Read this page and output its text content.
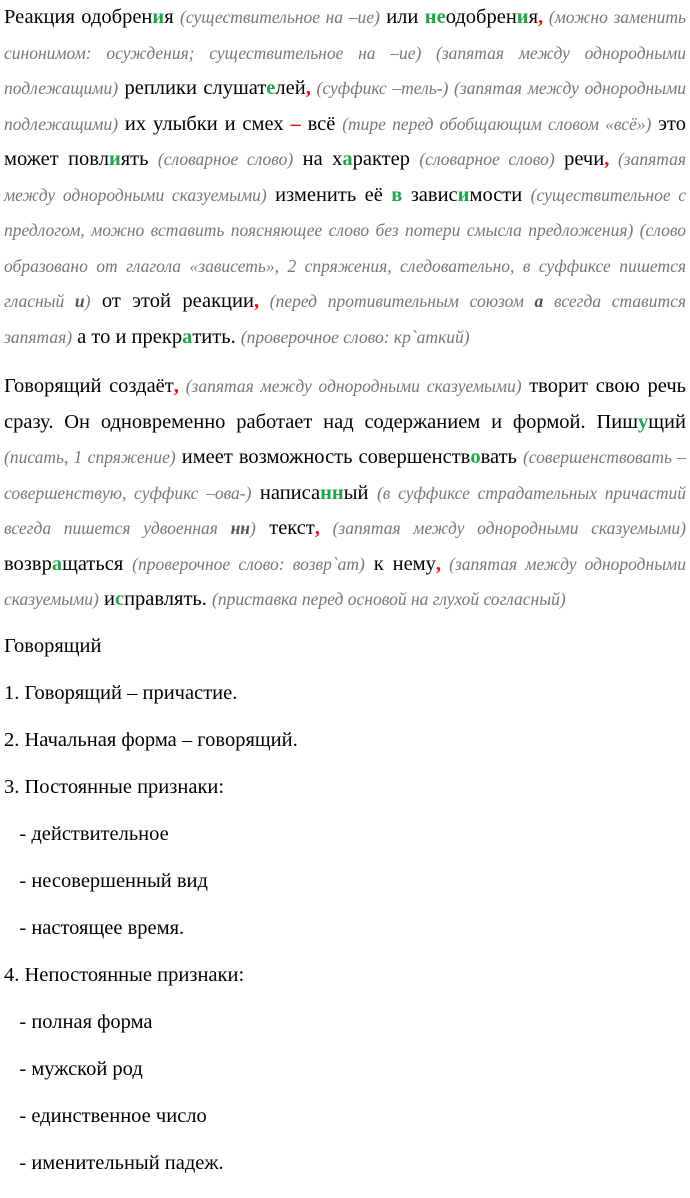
Реакция одобрения (существительное на –ие) или неодобрения, (можно заменить синонимом: осуждения; существительное на –ие) (запятая между однородными подлежащими) реплики слушателей, (суффикс –тель-) (запятая между однородными подлежащими) их улыбки и смех – всё (тире перед обобщающим словом «всё») это может повлиять (словарное слово) на характер (словарное слово) речи, (запятая между однородными сказуемыми) изменить её в зависимости (существительное с предлогом, можно вставить поясняющее слово без потери смысла предложения) (слово образовано от глагола «зависеть», 2 спряжения, следовательно, в суффиксе пишется гласный и) от этой реакции, (перед противительным союзом а всегда ставится запятая) а то и прекратить. (проверочное слово: кр`аткий)

Говорящий создаёт, (запятая между однородными сказуемыми) творит свою речь сразу. Он одновременно работает над содержанием и формой. Пишущий (писать, 1 спряжение) имеет возможность совершенствовать (совершенствовать – совершенствую, суффикс –ова-) написанный (в суффиксе страдательных причастий всегда пишется удвоенная нн) текст, (запятая между однородными сказуемыми) возвращаться (проверочное слово: возвр`ат) к нему, (запятая между однородными сказуемыми) исправлять. (приставка перед основой на глухой согласный)

Говорящий

1. Говорящий – причастие.

2. Начальная форма – говорящий.

3. Постоянные признаки:

- действительное

- несовершенный вид

- настоящее время.

4. Непостоянные признаки:

- полная форма

- мужской род

- единственное число

- именительный падеж.
